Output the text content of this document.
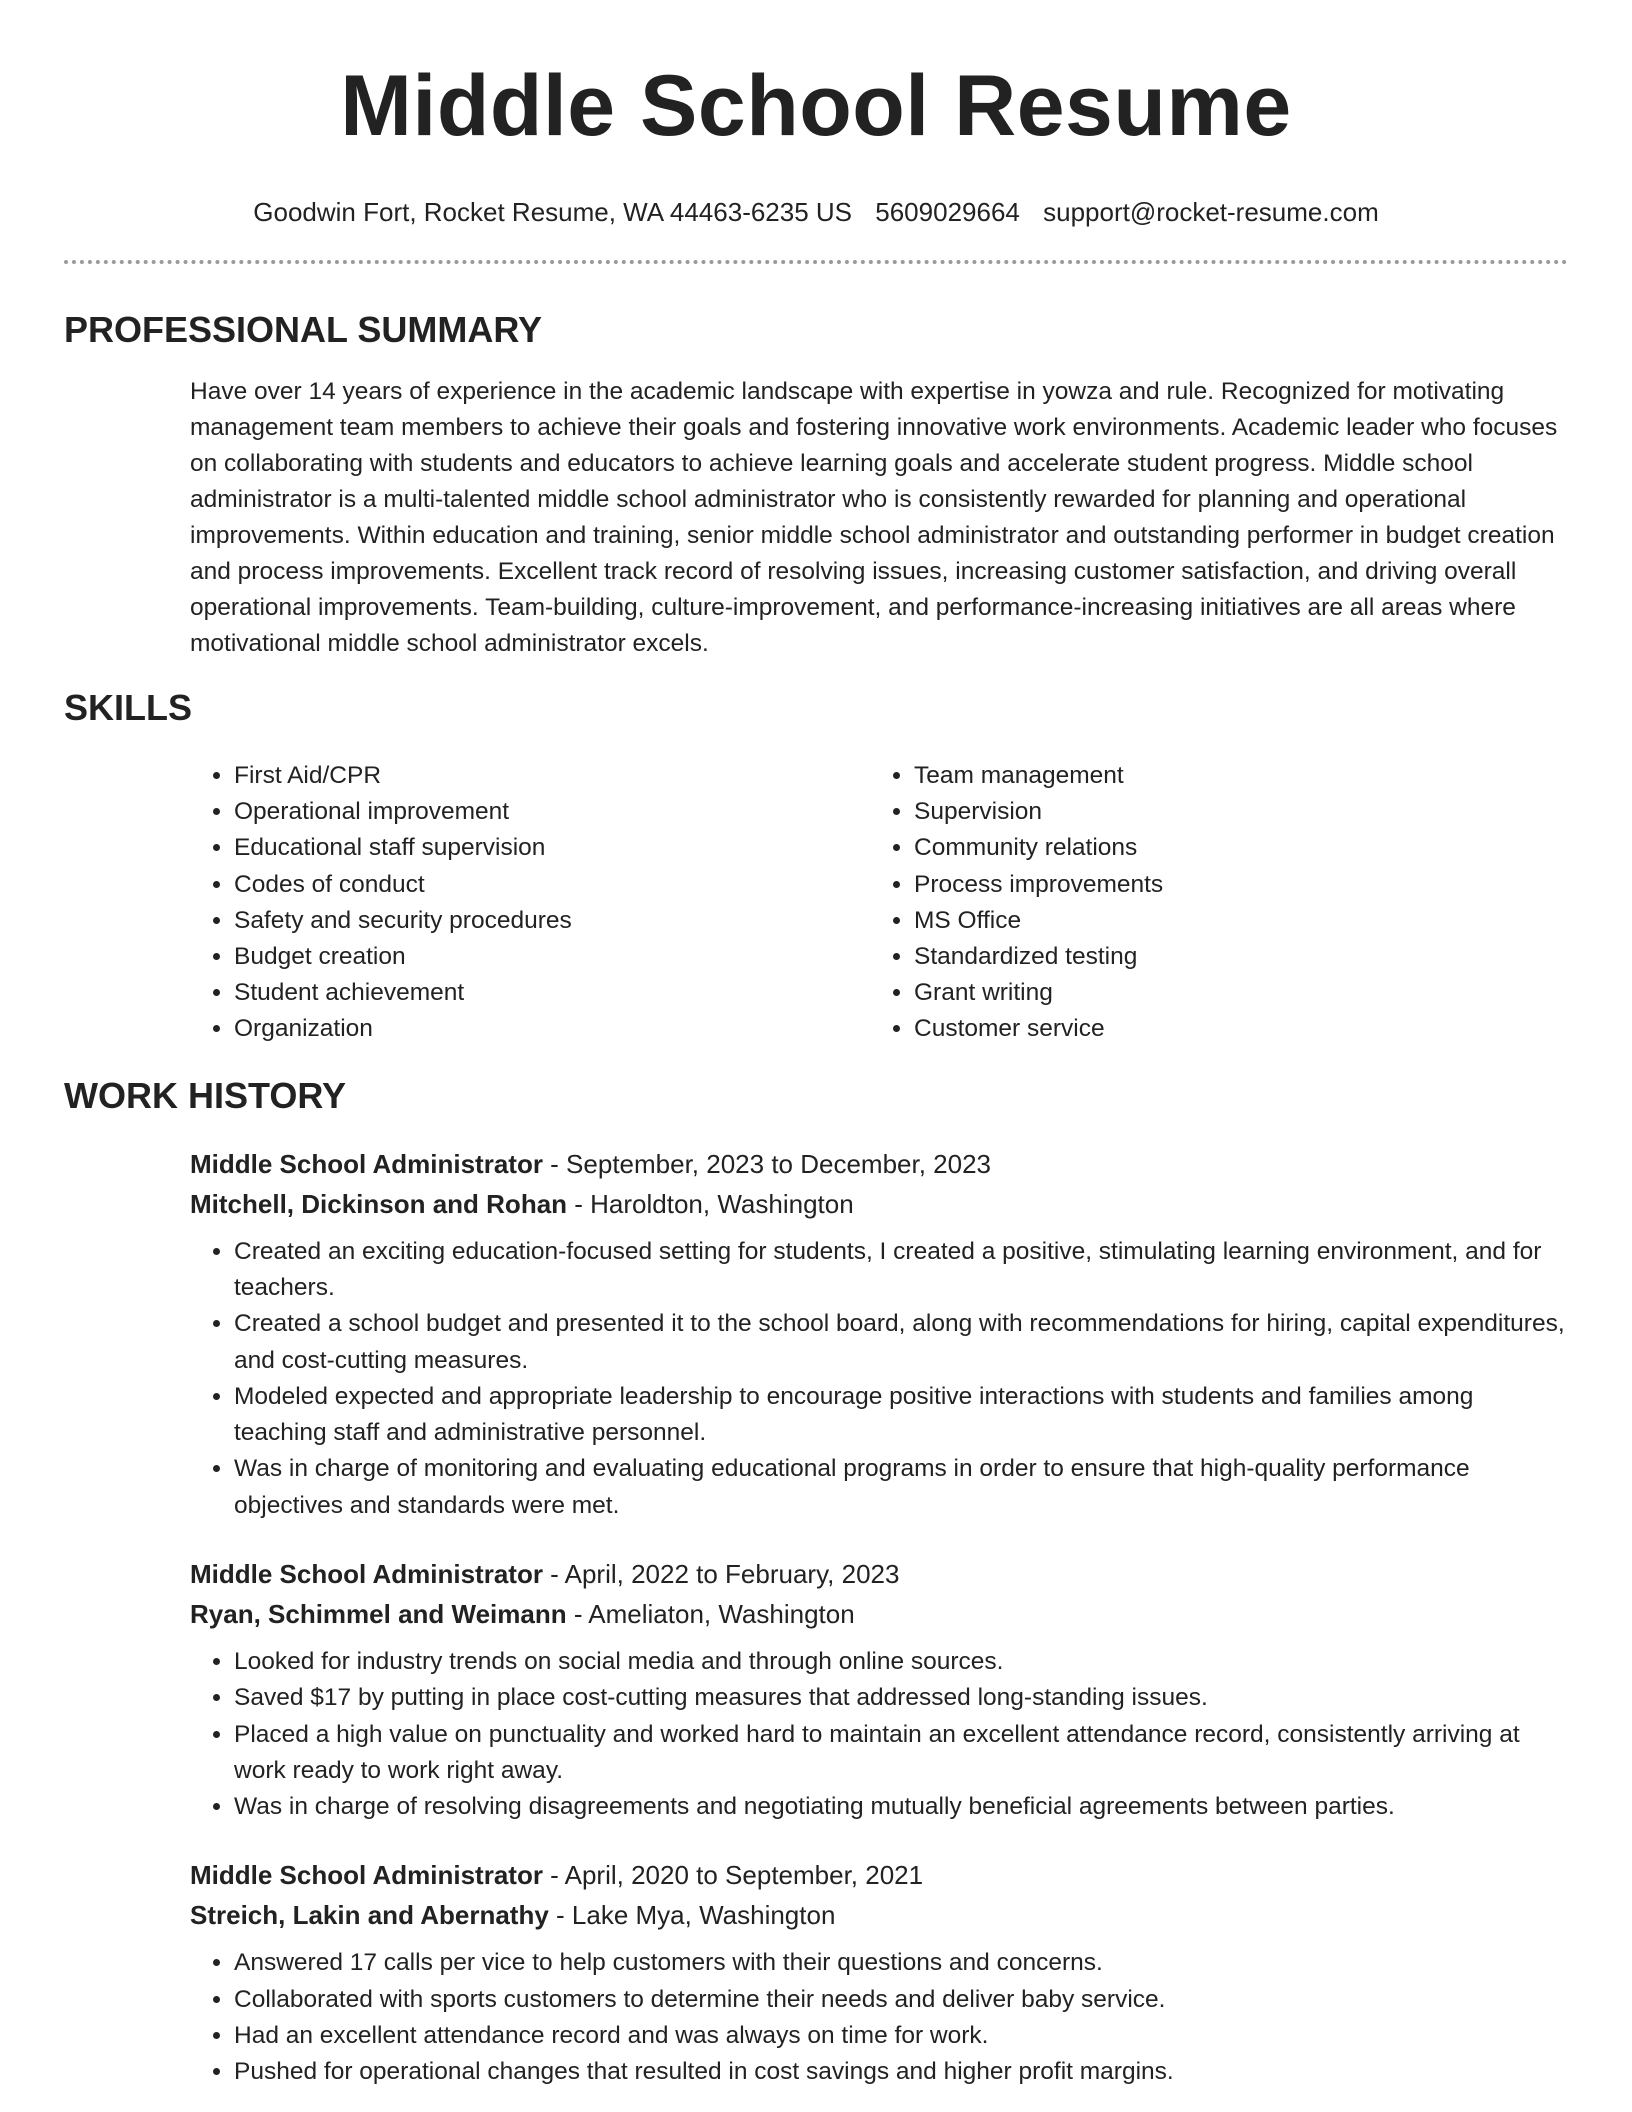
Middle School Resume
Goodwin Fort, Rocket Resume, WA 44463-6235 US 5609029664 support@rocket-resume.com
PROFESSIONAL SUMMARY

Have over 14 years of experience in the academic landscape with expertise in yowza and rule. Recognized for motivating management team members to achieve their goals and fostering innovative work environments. Academic leader who focuses on collaborating with students and educators to achieve learning goals and accelerate student progress. Middle school administrator is a multi-talented middle school administrator who is consistently rewarded for planning and operational improvements. Within education and training, senior middle school administrator and outstanding performer in budget creation and process improvements. Excellent track record of resolving issues, increasing customer satisfaction, and driving overall operational improvements. Team-building, culture-improvement, and performance-increasing initiatives are all areas where motivational middle school administrator excels.

SKILLS
• First Aid/CPR
• Operational improvement
• Educational staff supervision
• Codes of conduct
• Safety and security procedures
• Budget creation
• Student achievement
• Organization
• Team management
• Supervision
• Community relations
• Process improvements
• MS Office
• Standardized testing
• Grant writing
• Customer service
WORK HISTORY
Middle School Administrator - September, 2023 to December, 2023
Mitchell, Dickinson and Rohan - Haroldton, Washington
• Created an exciting education-focused setting for students, I created a positive, stimulating learning environment, and for teachers.
• Created a school budget and presented it to the school board, along with recommendations for hiring, capital expenditures, and cost-cutting measures.
• Modeled expected and appropriate leadership to encourage positive interactions with students and families among teaching staff and administrative personnel.
• Was in charge of monitoring and evaluating educational programs in order to ensure that high-quality performance objectives and standards were met.
Middle School Administrator - April, 2022 to February, 2023
Ryan, Schimmel and Weimann - Ameliaton, Washington
• Looked for industry trends on social media and through online sources.
• Saved $17 by putting in place cost-cutting measures that addressed long-standing issues.
• Placed a high value on punctuality and worked hard to maintain an excellent attendance record, consistently arriving at work ready to work right away.
• Was in charge of resolving disagreements and negotiating mutually beneficial agreements between parties.
Middle School Administrator - April, 2020 to September, 2021
Streich, Lakin and Abernathy - Lake Mya, Washington
• Answered 17 calls per vice to help customers with their questions and concerns.
• Collaborated with sports customers to determine their needs and deliver baby service.
• Had an excellent attendance record and was always on time for work.
• Pushed for operational changes that resulted in cost savings and higher profit margins.
